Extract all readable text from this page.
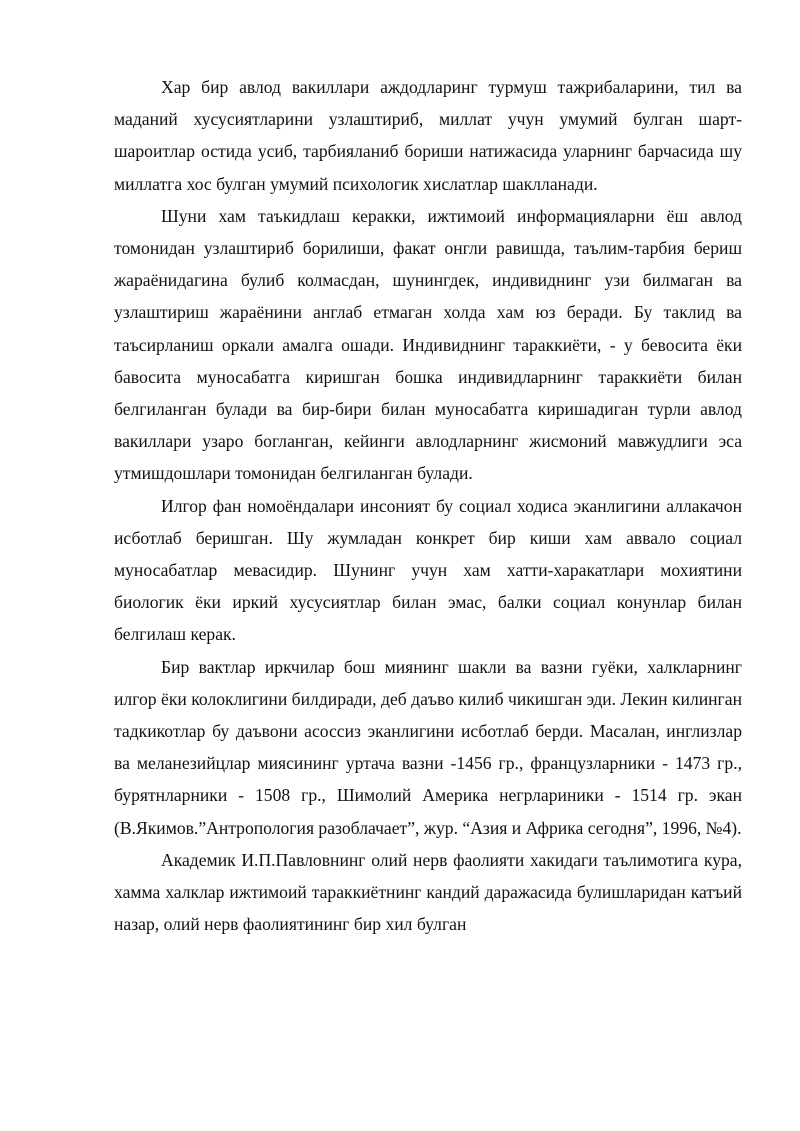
Хар бир авлод вакиллари аждодларинг турмуш тажрибаларини, тил ва маданий хусусиятларини узлаштириб, миллат учун умумий булган шарт-шароитлар остида усиб, тарбияланиб бориши натижасида уларнинг барчасида шу миллатга хос булган умумий психологик хислатлар шаклланади.

Шуни хам таъкидлаш керакки, ижтимоий информацияларни ёш авлод томонидан узлаштириб борилиши, факат онгли равишда, таълим-тарбия бериш жараёнидагина булиб колмасдан, шунингдек, индивиднинг узи билмаган ва узлаштириш жараёнини англаб етмаган холда хам юз беради. Бу таклид ва таъсирланиш оркали амалга ошади. Индивиднинг тараккиёти, - у бевосита ёки бавосита муносабатга киришган бошка индивидларнинг тараккиёти билан белгиланган булади ва бир-бири билан муносабатга киришадиган турли авлод вакиллари узаро богланган, кейинги авлодларнинг жисмоний мавжудлиги эса утмишдошлари томонидан белгиланган булади.

Илгор фан номоёндалари инсоният бу социал ходиса эканлигини аллакачон исботлаб беришган. Шу жумладан конкрет бир киши хам аввало социал муносабатлар мевасидир. Шунинг учун хам хатти-харакатлари мохиятини биологик ёки иркий хусусиятлар билан эмас, балки социал конунлар билан белгилаш керак.

Бир вактлар иркчилар бош миянинг шакли ва вазни гуёки, халкларнинг илгор ёки колоклигини билдиради, деб даъво килиб чикишган эди. Лекин килинган тадкикотлар бу даъвони асоссиз эканлигини исботлаб берди. Масалан, инглизлар ва меланезийцлар миясининг уртача вазни -1456 гр., французларники - 1473 гр., бурятнларники - 1508 гр., Шимолий Америка негрлариники - 1514 гр. экан (В.Якимов.”Антропология разоблачает”, жур. “Азия и Африка сегодня”, 1996, №4).

Академик И.П.Павловнинг олий нерв фаолияти хакидаги таълимотига кура, хамма халклар ижтимоий тараккиётнинг кандий даражасида булишларидан катъий назар, олий нерв фаолиятининг бир хил булган
